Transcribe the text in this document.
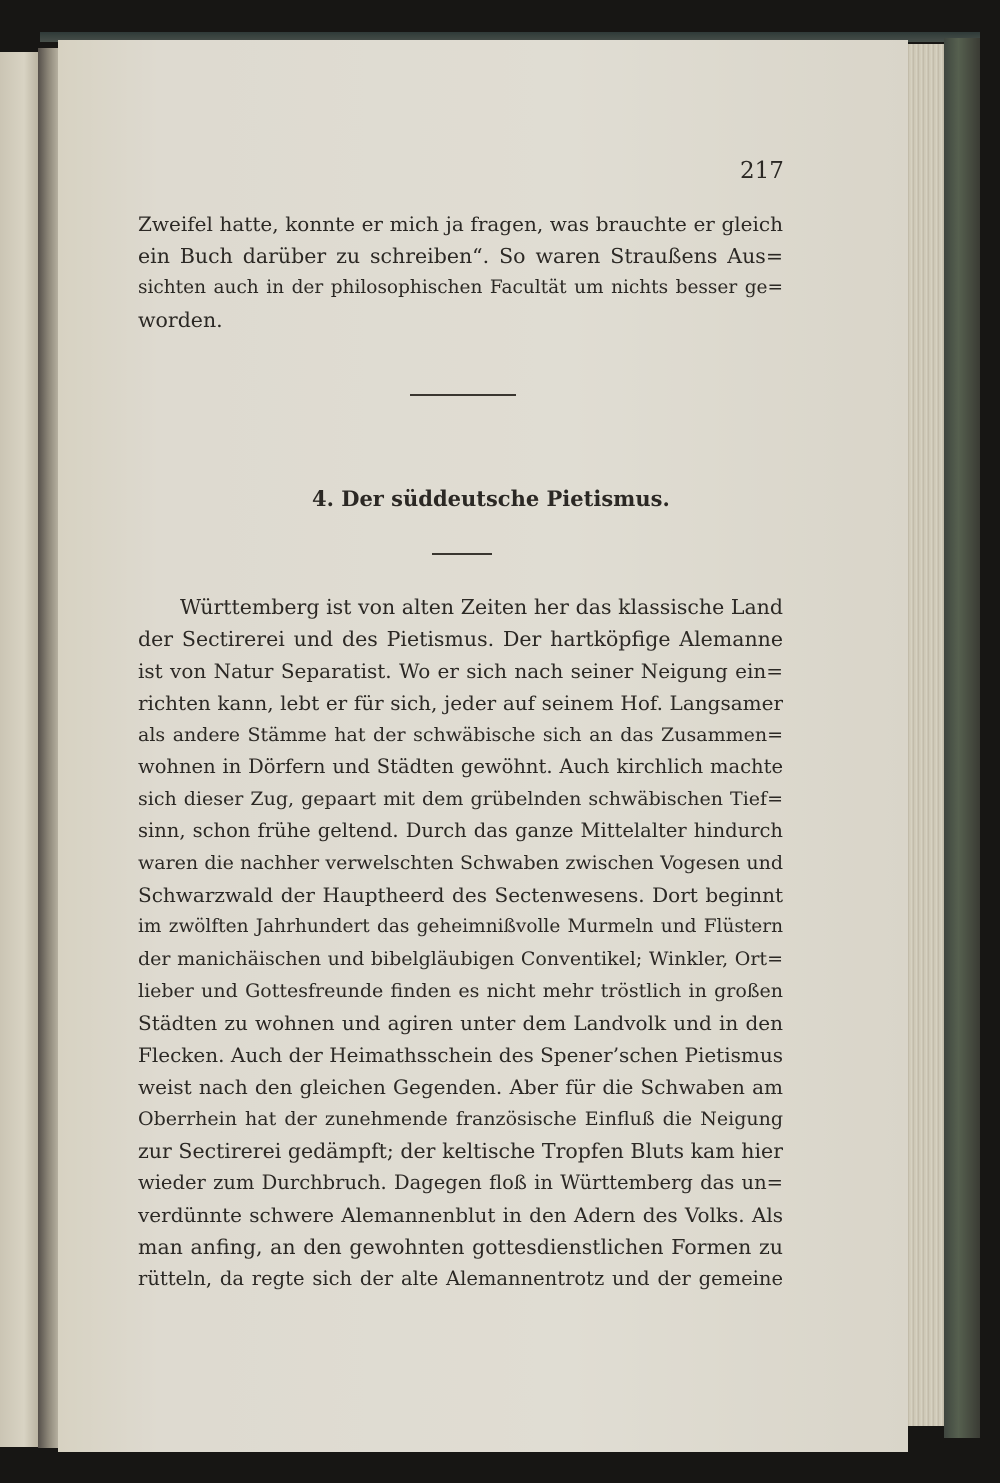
217
Zweifel hatte, konnte er mich ja fragen, was brauchte er gleich
ein Buch darüber zu schreiben“. So waren Straußens Aus=
sichten auch in der philosophischen Facultät um nichts besser ge=
worden.
4. Der süddeutsche Pietismus.
Württemberg ist von alten Zeiten her das klassische Land
der Sectirerei und des Pietismus. Der hartköpfige Alemanne
ist von Natur Separatist. Wo er sich nach seiner Neigung ein=
richten kann, lebt er für sich, jeder auf seinem Hof. Langsamer
als andere Stämme hat der schwäbische sich an das Zusammen=
wohnen in Dörfern und Städten gewöhnt. Auch kirchlich machte
sich dieser Zug, gepaart mit dem grübelnden schwäbischen Tief=
sinn, schon frühe geltend. Durch das ganze Mittelalter hindurch
waren die nachher verwelschten Schwaben zwischen Vogesen und
Schwarzwald der Hauptheerd des Sectenwesens. Dort beginnt
im zwölften Jahrhundert das geheimnißvolle Murmeln und Flüstern
der manichäischen und bibelgläubigen Conventikel; Winkler, Ort=
lieber und Gottesfreunde finden es nicht mehr tröstlich in großen
Städten zu wohnen und agiren unter dem Landvolk und in den
Flecken. Auch der Heimathsschein des Spener’schen Pietismus
weist nach den gleichen Gegenden. Aber für die Schwaben am
Oberrhein hat der zunehmende französische Einfluß die Neigung
zur Sectirerei gedämpft; der keltische Tropfen Bluts kam hier
wieder zum Durchbruch. Dagegen floß in Württemberg das un=
verdünnte schwere Alemannenblut in den Adern des Volks. Als
man anfing, an den gewohnten gottesdienstlichen Formen zu
rütteln, da regte sich der alte Alemannentrotz und der gemeine
